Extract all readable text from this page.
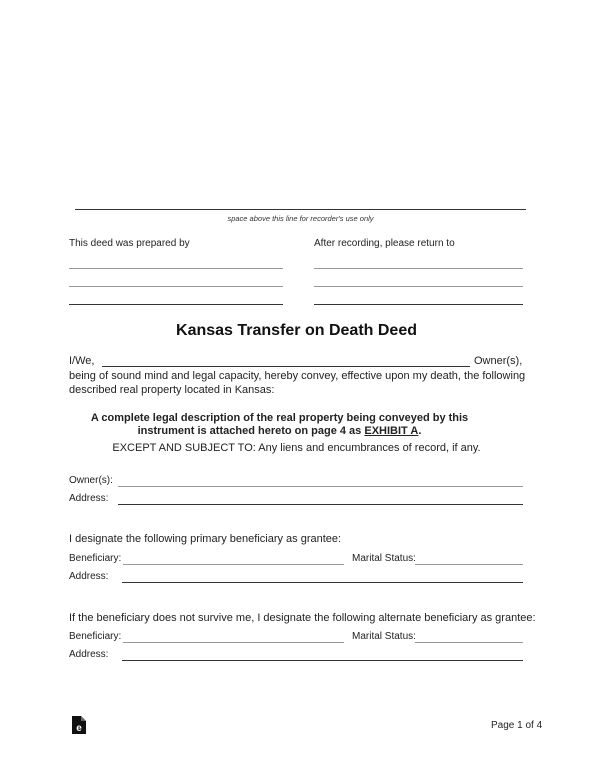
space above this line for recorder's use only
This deed was prepared by	After recording, please return to
Kansas Transfer on Death Deed
I/We,	Owner(s),
being of sound mind and legal capacity, hereby convey, effective upon my death, the following
described real property located in Kansas:
A complete legal description of the real property being conveyed by this
instrument is attached hereto on page 4 as EXHIBIT A.
EXCEPT AND SUBJECT TO: Any liens and encumbrances of record, if any.
Owner(s):
Address:
I designate the following primary beneficiary as grantee:
Beneficiary:	Marital Status:
Address:
If the beneficiary does not survive me, I designate the following alternate beneficiary as grantee:
Beneficiary:	Marital Status:
Address:
e	Page 1 of 4
